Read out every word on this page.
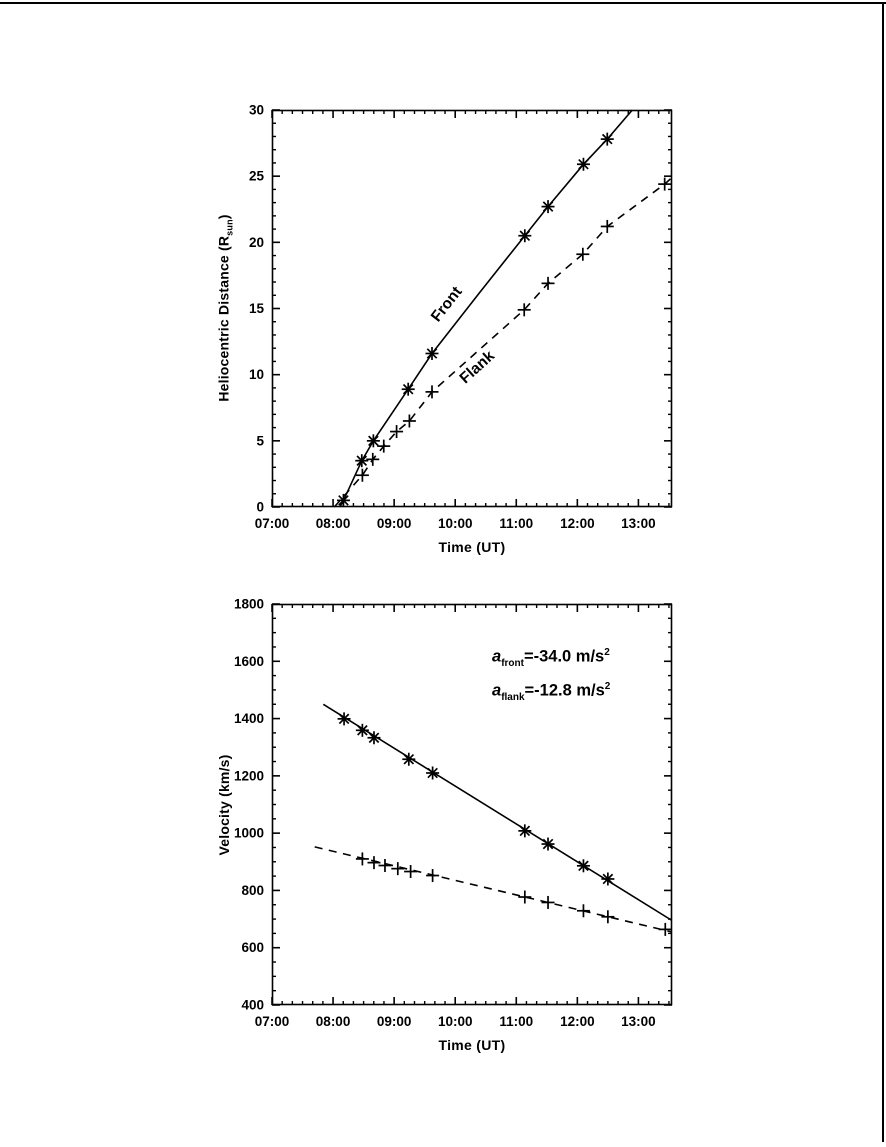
07:00 08:00 09:00 10:00 11:00 12:00 13:00
0
5
10
15
20
25
30
Front
Flank
Heliocentric Distance $(R_{sun})$
Time (UT)
07:00 08:00 09:00 10:00 11:00 12:00 13:00
400
600
800
1000
1200
1400
1600
1800
Velocity (km/s)
Time (UT)
$a_{front}=-34.0$ $m/s^2$
$a_{flank}=-12.8$ $m/s^2$
